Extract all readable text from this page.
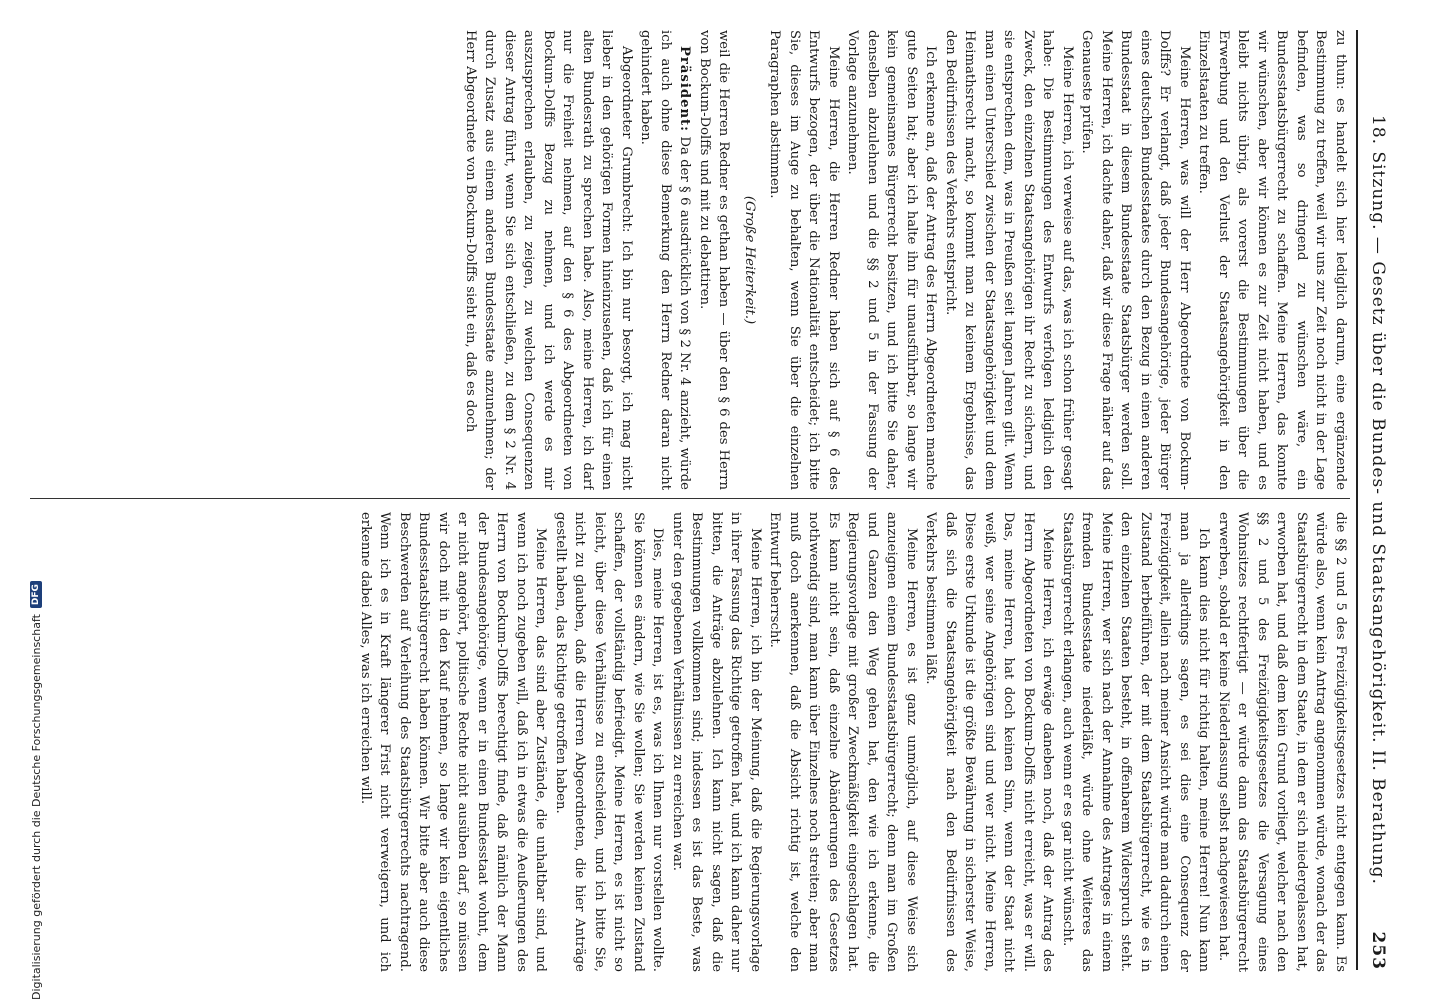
18. Sitzung. — Gesetz über die Bundes- und Staatsangehörigkeit. II. Berathung.
253

zu thun: es handelt sich hier lediglich darum, eine ergänzende Bestimmung zu treffen, weil wir uns zur Zeit noch nicht in der Lage befinden, was so dringend zu wünschen wäre, ein Bundesstaatsbürgerrecht zu schaffen. Meine Herren, das konnte wir wünschen, aber wir können es zur Zeit nicht haben, und es bleibt nichts übrig, als vorerst die Bestimmungen über die Erwerbung und den Verlust der Staatsangehörigkeit in den Einzelstaaten zu treffen.

Meine Herren, was will der Herr Abgeordnete von Bockum-Dolffs? Er verlangt, daß jeder Bundesangehörige, jeder Bürger eines deutschen Bundesstaates durch den Bezug in einen anderen Bundesstaat in diesem Bundesstaate Staatsbürger werden soll. Meine Herren, ich dachte daher, daß wir diese Frage näher auf das Genaueste prüfen.

Meine Herren, ich verweise auf das, was ich schon früher gesagt habe: Die Bestimmungen des Entwurfs verfolgen lediglich den Zweck, den einzelnen Staatsangehörigen ihr Recht zu sichern, und sie entsprechen dem, was in Preußen seit langen Jahren gilt. Wenn man einen Unterschied zwischen der Staatsangehörigkeit und dem Heimathsrecht macht, so kommt man zu keinem Ergebnisse, das den Bedürfnissen des Verkehrs entspricht.

Ich erkenne an, daß der Antrag des Herrn Abgeordneten manche gute Seiten hat; aber ich halte ihn für unausführbar, so lange wir kein gemeinsames Bürgerrecht besitzen, und ich bitte Sie daher, denselben abzulehnen und die §§ 2 und 5 in der Fassung der Vorlage anzunehmen.

Meine Herren, die Herren Redner haben sich auf § 6 des Entwurfs bezogen, der über die Nationalität entscheidet; ich bitte Sie, dieses im Auge zu behalten, wenn Sie über die einzelnen Paragraphen abstimmen.

(Große Heiterkeit.)

weil die Herren Redner es gethan haben — über den § 6 des Herrn von Bockum-Dolffs und mit zu debattiren.

Präsident: Da der § 6 ausdrücklich von § 2 Nr. 4 anzieht, würde ich auch ohne diese Bemerkung den Herrn Redner daran nicht gehindert haben.

Abgeordneter Grumbrecht: Ich bin nur besorgt, ich mag nicht lieber in den gehörigen Formen hineinzusehen, daß ich für einen alten Bundesrath zu sprechen habe. Also, meine Herren, ich darf nur die Freiheit nehmen, auf den § 6 des Abgeordneten von Bockum-Dolffs Bezug zu nehmen, und ich werde es mir auszusprechen erlauben, zu zeigen, zu welchen Consequenzen dieser Antrag führt, wenn Sie sich entschließen, zu dem § 2 Nr. 4 durch Zusatz aus einem anderen Bundesstaate anzunehmen; der Herr Abgeordnete von Bockum-Dolffs sieht ein, daß es doch

die §§ 2 und 5 des Freizügigkeitsgesetzes nicht entgegen kann. Es würde also, wenn kein Antrag angenommen würde, wonach der das Staatsbürgerrecht in dem Staate, in dem er sich niedergelassen hat, erworben hat, und daß dem kein Grund vorliegt, welcher nach den §§ 2 und 5 des Freizügigkeitsgesetzes die Versagung eines Wohnsitzes rechtfertigt — er würde dann das Staatsbürgerrecht erwerben, sobald er keine Niederlassung selbst nachgewiesen hat.

Ich kann dies nicht für richtig halten, meine Herren! Nun kann man ja allerdings sagen, es sei dies eine Consequenz der Freizügigkeit, allein nach meiner Ansicht würde man dadurch einen Zustand herbeiführen, der mit dem Staatsbürgerrecht, wie es in den einzelnen Staaten besteht, in offenbarem Widerspruch steht. Meine Herren, wer sich nach der Annahme des Antrages in einem fremden Bundesstaate niederläßt, würde ohne Weiteres das Staatsbürgerrecht erlangen, auch wenn er es gar nicht wünscht.

Meine Herren, ich erwäge daneben noch, daß der Antrag des Herrn Abgeordneten von Bockum-Dolffs nicht erreicht, was er will. Das, meine Herren, hat doch keinen Sinn, wenn der Staat nicht weiß, wer seine Angehörigen sind und wer nicht. Meine Herren, Diese erste Urkunde ist die größte Bewährung in sicherster Weise, daß sich die Staatsangehörigkeit nach den Bedürfnissen des Verkehrs bestimmen läßt.

Meine Herren, es ist ganz unmöglich, auf diese Weise sich anzueignen einem Bundesstaatsbürgerrecht; denn man im Großen und Ganzen den Weg gehen hat, den wie ich erkenne, die Regierungsvorlage mit großer Zweckmäßigkeit eingeschlagen hat. Es kann nicht sein, daß einzelne Abänderungen des Gesetzes nothwendig sind, man kann über Einzelnes noch streiten; aber man muß doch anerkennen, daß die Absicht richtig ist, welche den Entwurf beherrscht.

Meine Herren, ich bin der Meinung, daß die Regierungsvorlage in ihrer Fassung das Richtige getroffen hat, und ich kann daher nur bitten, die Anträge abzulehnen. Ich kann nicht sagen, daß die Bestimmungen vollkommen sind; indessen es ist das Beste, was unter den gegebenen Verhältnissen zu erreichen war.

Dies, meine Herren, ist es, was ich Ihnen nur vorstellen wollte. Sie können es ändern, wie Sie wollen; Sie werden keinen Zustand schaffen, der vollständig befriedigt. Meine Herren, es ist nicht so leicht, über diese Verhältnisse zu entscheiden, und ich bitte Sie, nicht zu glauben, daß die Herren Abgeordneten, die hier Anträge gestellt haben, das Richtige getroffen haben.

Meine Herren, das sind aber Zustände, die unhaltbar sind, und wenn ich noch zugeben will, daß ich in etwas die Aeußerungen des Herrn von Bockum-Dolffs berechtigt finde, daß nämlich der Mann der Bundesangehörige, wenn er in einen Bundesstaat wohnt, dem er nicht angehört, politische Rechte nicht ausüben darf, so müssen wir doch mit in den Kauf nehmen, so lange wir kein eigentliches Bundesstaatsbürgerrecht haben können. Wir bitte aber auch diese Beschwerden auf Verleihung des Staatsbürgerrechts nachtragend. Wenn ich es in Kraft längerer Frist nicht verweigern, und ich erkenne dabei Alles, was ich erreichen will.

Digitalisierung gefördert durch die Deutsche Forschungsgemeinschaft
DFG
